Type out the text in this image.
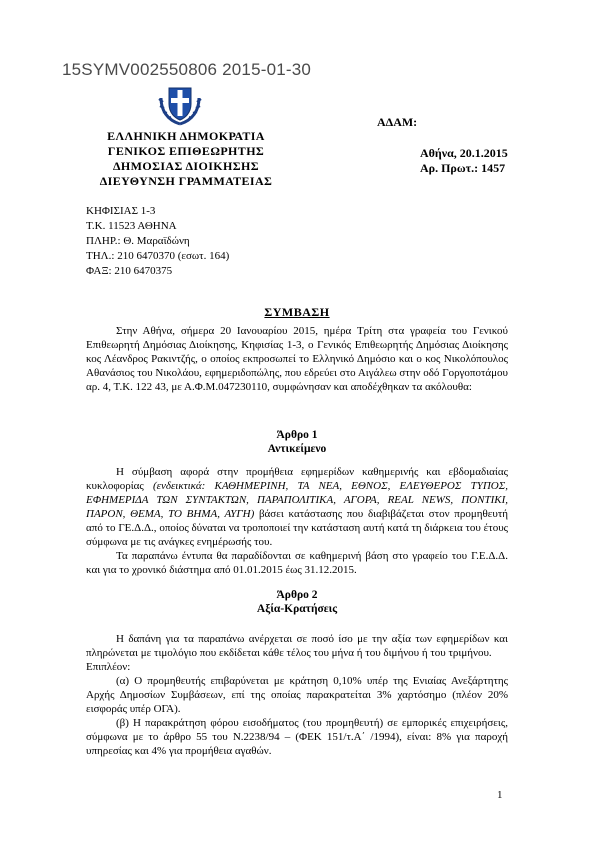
15SYMV002550806 2015-01-30
ΕΛΛΗΝΙΚΗ ΔΗΜΟΚΡΑΤΙΑ
ΓΕΝΙΚΟΣ ΕΠΙΘΕΩΡΗΤΗΣ
ΔΗΜΟΣΙΑΣ ΔΙΟΙΚΗΣΗΣ
ΔΙΕΥΘΥΝΣΗ ΓΡΑΜΜΑΤΕΙΑΣ
ΑΔΑΜ:
Αθήνα, 20.1.2015
Αρ. Πρωτ.: 1457
ΚΗΦΙΣΙΑΣ 1-3
Τ.Κ. 11523 ΑΘΗΝΑ
ΠΛΗΡ.: Θ. Μαραϊδώνη
ΤΗΛ.: 210 6470370 (εσωτ. 164)
ΦΑΞ: 210 6470375
ΣΥΜΒΑΣΗ

Στην Αθήνα, σήμερα 20 Ιανουαρίου 2015, ημέρα Τρίτη στα γραφεία του Γενικού Επιθεωρητή Δημόσιας Διοίκησης, Κηφισίας 1-3, ο Γενικός Επιθεωρητής Δημόσιας Διοίκησης κος Λέανδρος Ρακιντζής, ο οποίος εκπροσωπεί το Ελληνικό Δημόσιο και ο κος Νικολόπουλος Αθανάσιος του Νικολάου, εφημεριδοπώλης, που εδρεύει στο Αιγάλεω στην οδό Γοργοποτάμου αρ. 4, Τ.Κ. 122 43, με Α.Φ.Μ.047230110, συμφώνησαν και αποδέχθηκαν τα ακόλουθα:

Άρθρο 1
Αντικείμενο

Η σύμβαση αφορά στην προμήθεια εφημερίδων καθημερινής και εβδομαδιαίας κυκλοφορίας (ενδεικτικά: ΚΑΘΗΜΕΡΙΝΗ, ΤΑ ΝΕΑ, ΕΘΝΟΣ, ΕΛΕΥΘΕΡΟΣ ΤΥΠΟΣ, ΕΦΗΜΕΡΙΔΑ ΤΩΝ ΣΥΝΤΑΚΤΩΝ, ΠΑΡΑΠΟΛΙΤΙΚΑ, ΑΓΟΡΑ, REAL NEWS, ΠΟΝΤΙΚΙ, ΠΑΡΟΝ, ΘΕΜΑ, ΤΟ ΒΗΜΑ, ΑΥΓΗ) βάσει κατάστασης που διαβιβάζεται στον προμηθευτή από το ΓΕ.Δ.Δ., οποίος δύναται να τροποποιεί την κατάσταση αυτή κατά τη διάρκεια του έτους σύμφωνα με τις ανάγκες ενημέρωσής του.

Τα παραπάνω έντυπα θα παραδίδονται σε καθημερινή βάση στο γραφείο του Γ.Ε.Δ.Δ. και για το χρονικό διάστημα από 01.01.2015 έως 31.12.2015.

Άρθρο 2
Αξία-Κρατήσεις

Η δαπάνη για τα παραπάνω ανέρχεται σε ποσό ίσο με την αξία των εφημερίδων και πληρώνεται με τιμολόγιο που εκδίδεται κάθε τέλος του μήνα ή του διμήνου ή του τριμήνου.

Επιπλέον:

(α) Ο προμηθευτής επιβαρύνεται με κράτηση 0,10% υπέρ της Ενιαίας Ανεξάρτητης Αρχής Δημοσίων Συμβάσεων, επί της οποίας παρακρατείται 3% χαρτόσημο (πλέον 20% εισφοράς υπέρ ΟΓΑ).

(β) Η παρακράτηση φόρου εισοδήματος (του προμηθευτή) σε εμπορικές επιχειρήσεις, σύμφωνα με το άρθρο 55 του Ν.2238/94 – (ΦΕΚ 151/τ.Α΄ /1994), είναι: 8% για παροχή υπηρεσίας και 4% για προμήθεια αγαθών.

1
